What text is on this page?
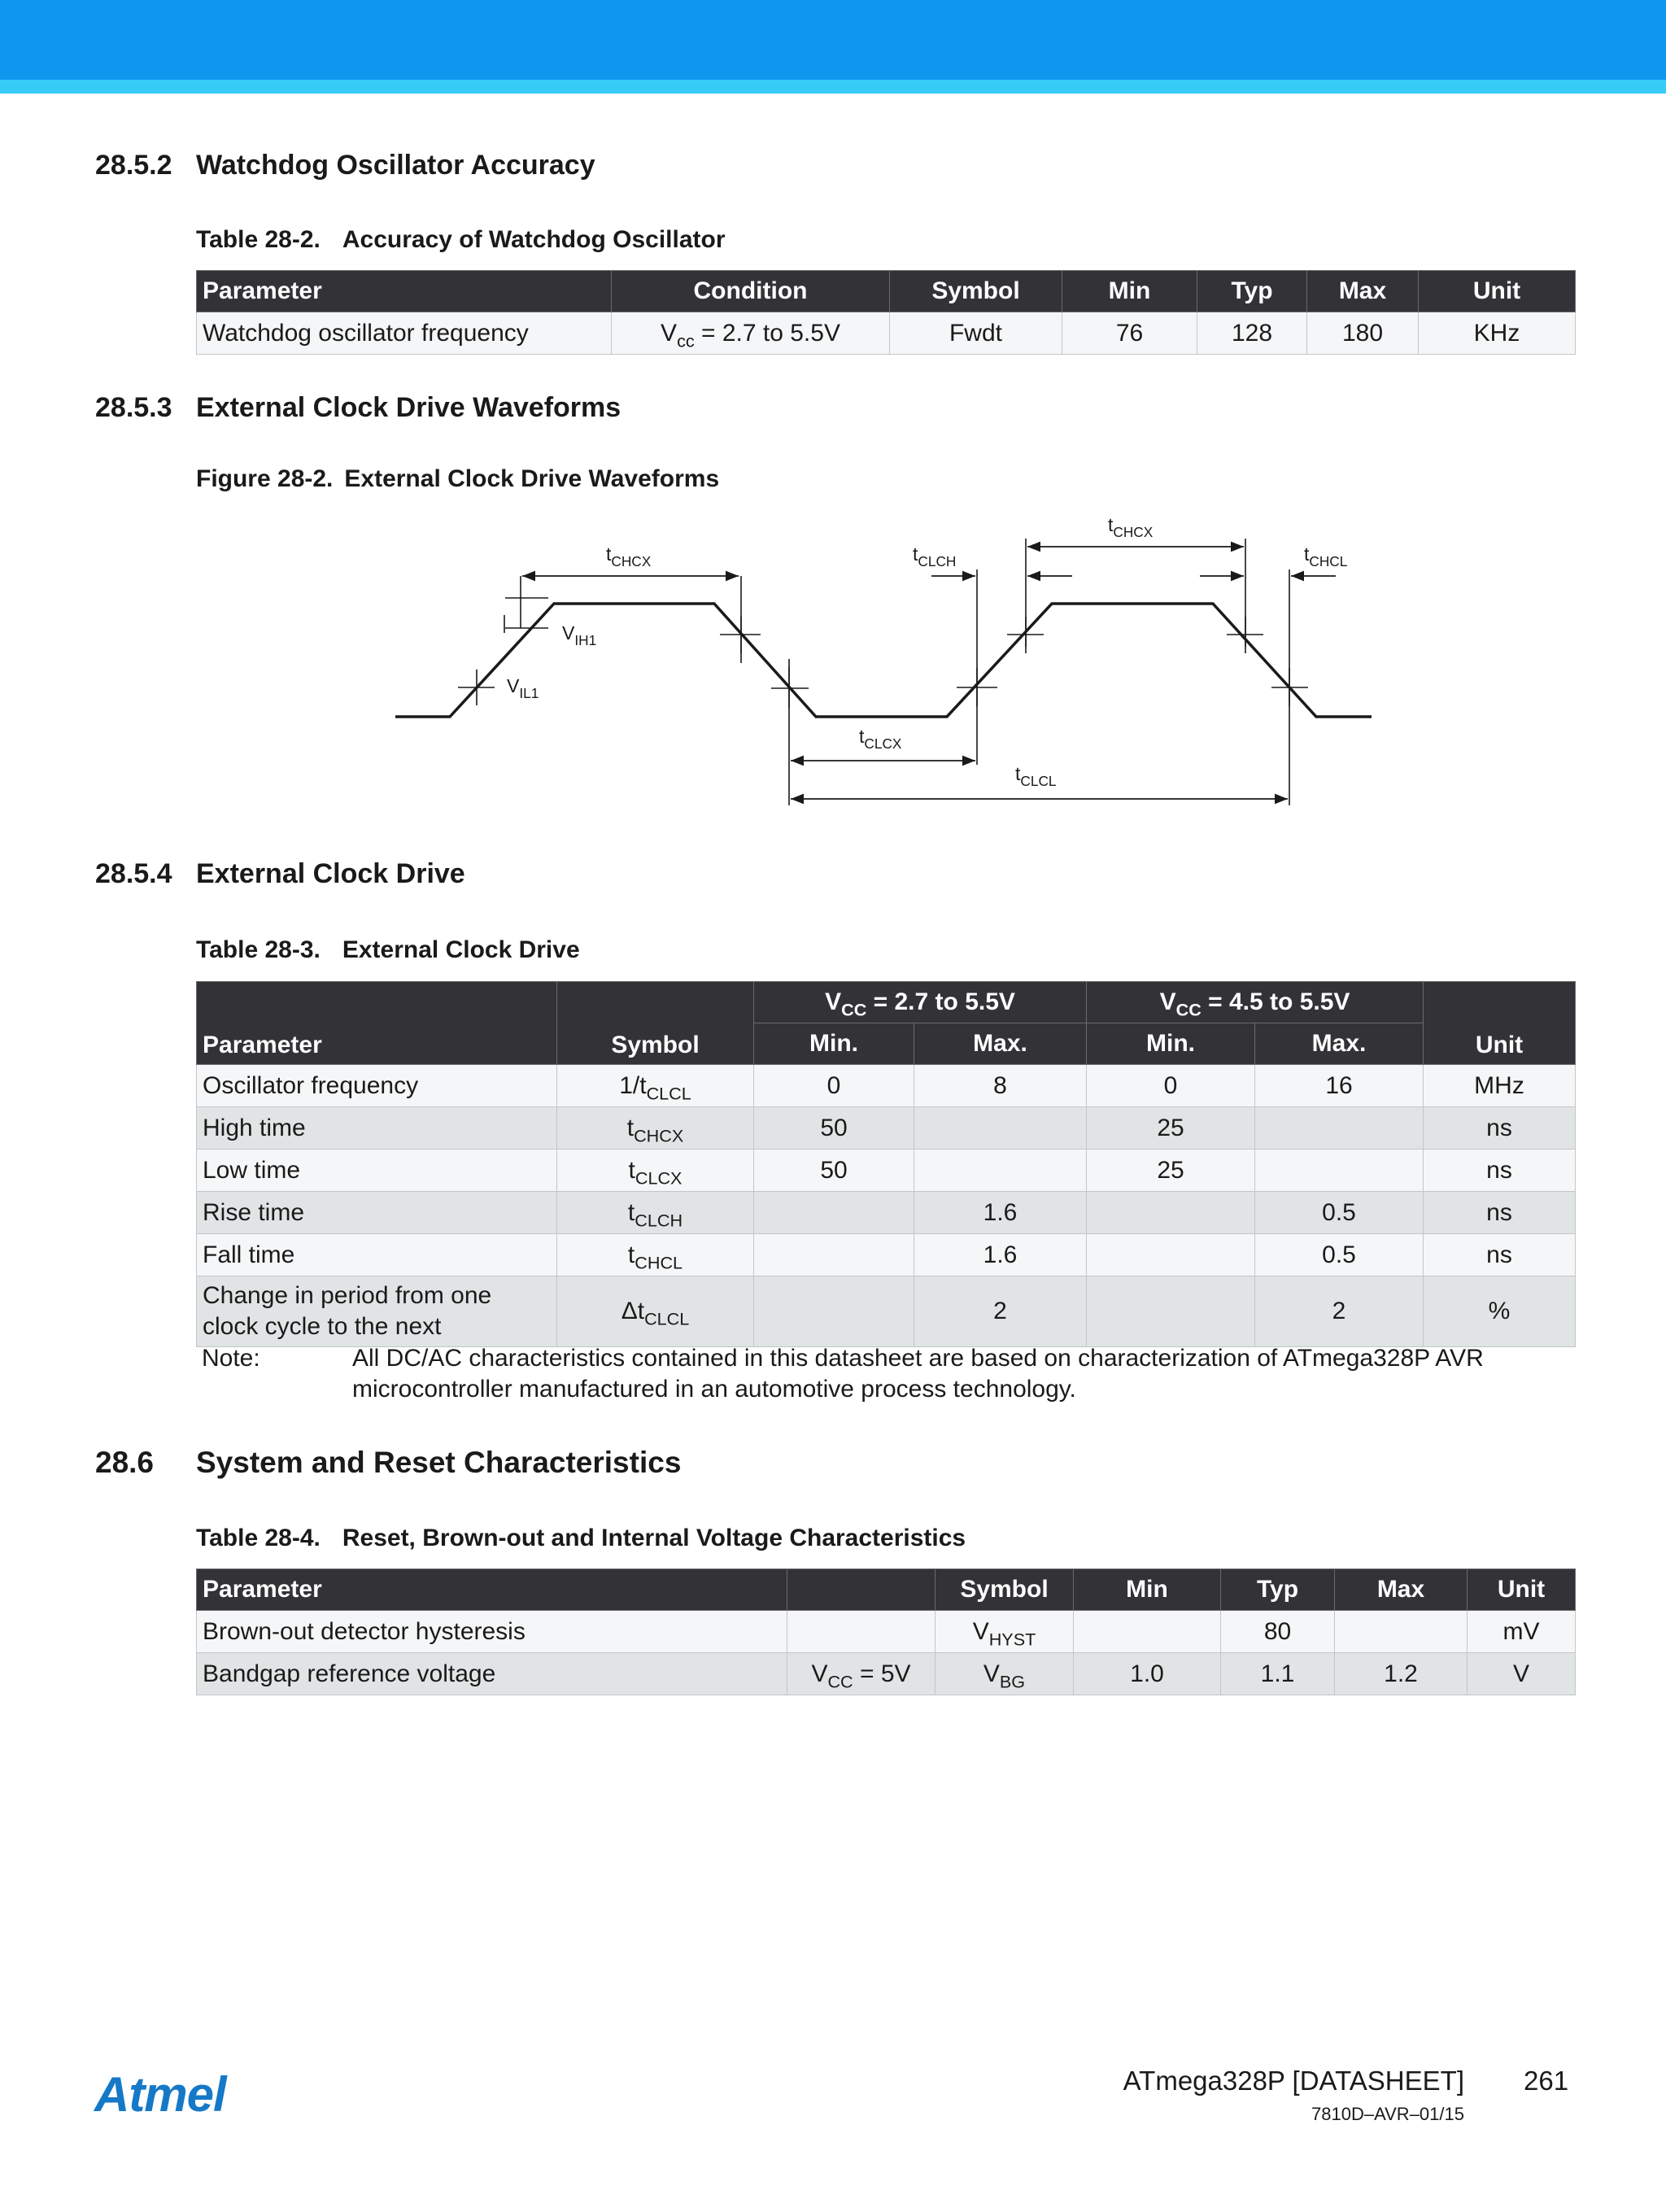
28.5.2 Watchdog Oscillator Accuracy
Table 28-2. Accuracy of Watchdog Oscillator
Parameter	Condition	Symbol	Min	Typ	Max	Unit
Watchdog oscillator frequency	$V_{cc} = 2.7$ to 5.5V	Fwdt	76	128	180	KHz
28.5.3 External Clock Drive Waveforms
Figure 28-2. External Clock Drive Waveforms
$t_{CHCX}$
$t_{CHCX}$
$t_{CLCH}$	$t_{CHCL}$
$V_{IH1}$
$V_{IL1}$
$t_{CLCX}$
$t_{CLCL}$
28.5.4 External Clock Drive
Table 28-3. External Clock Drive
Parameter	Symbol	$V_{CC} = 2.7$ to 5.5V		$V_{CC} = 4.5$ to 5.5V		Unit
		Min.	Max.	Min.	Max.	
Oscillator frequency	$1/t_{CLCL}$	0	8	0	16	MHz
High time	$t_{CHCX}$	50		25		ns
Low time	$t_{CLCX}$	50		25		ns
Rise time	$t_{CLCH}$		1.6		0.5	ns
Fall time	$t_{CHCL}$		1.6		0.5	ns
Change in period from one
clock cycle to the next	$\Delta t_{CLCL}$		2		2	%
Note:	All DC/AC characteristics contained in this datasheet are based on characterization of ATmega328P AVR microcontroller manufactured in an automotive process technology.
28.6 System and Reset Characteristics
Table 28-4. Reset, Brown-out and Internal Voltage Characteristics
Parameter		Symbol	Min	Typ	Max	Unit
Brown-out detector hysteresis		$V_{HYST}$		80		mV
Bandgap reference voltage	$V_{CC} = 5V$	$V_{BG}$	1.0	1.1	1.2	V
Atmel	ATmega328P [DATASHEET] 261
7810D–AVR–01/15
